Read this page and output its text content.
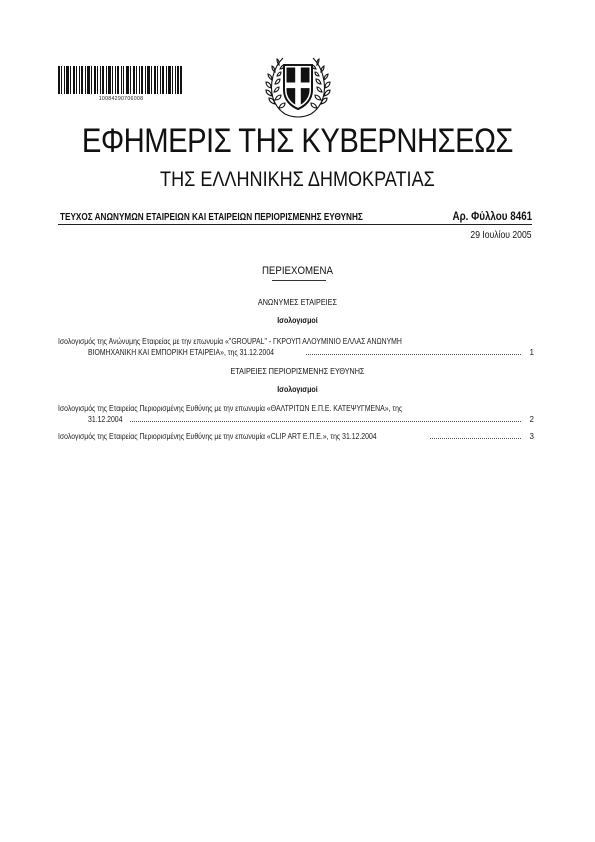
10084290706008
ΕΦΗΜΕΡΙΣ ΤΗΣ ΚΥΒΕΡΝΗΣΕΩΣ
ΤΗΣ ΕΛΛΗΝΙΚΗΣ ΔΗΜΟΚΡΑΤΙΑΣ
ΤΕΥΧΟΣ ΑΝΩΝΥΜΩΝ ΕΤΑΙΡΕΙΩΝ ΚΑΙ ΕΤΑΙΡΕΙΩΝ ΠΕΡΙΟΡΙΣΜΕΝΗΣ ΕΥΘΥΝΗΣ	Αρ. Φύλλου 8461
29 Ιουλίου 2005
ΠΕΡΙΕΧΟΜΕΝΑ
ΑΝΩΝΥΜΕΣ ΕΤΑΙΡΕΙΕΣ
Ισολογισμοί
Ισολογισμός της Ανώνυμης Εταιρείας με την επωνυμία «"GROUPAL" - ΓΚΡΟΥΠ ΑΛΟΥΜΙΝΙΟ ΕΛΛΑΣ ΑΝΩΝΥΜΗ
ΒΙΟΜΗΧΑΝΙΚΗ ΚΑΙ ΕΜΠΟΡΙΚΗ ΕΤΑΙΡΕΙΑ», της 31.12.2004	1
ΕΤΑΙΡΕΙΕΣ ΠΕΡΙΟΡΙΣΜΕΝΗΣ ΕΥΘΥΝΗΣ
Ισολογισμοί
Ισολογισμός της Εταιρείας Περιορισμένης Ευθύνης με την επωνυμία «ΘΑΛΤΡΙΤΩΝ Ε.Π.Ε. ΚΑΤΕΨΥΓΜΕΝΑ», της
31.12.2004	2
Ισολογισμός της Εταιρείας Περιορισμένης Ευθύνης με την επωνυμία «CLIP ART Ε.Π.Ε.», της 31.12.2004	3
